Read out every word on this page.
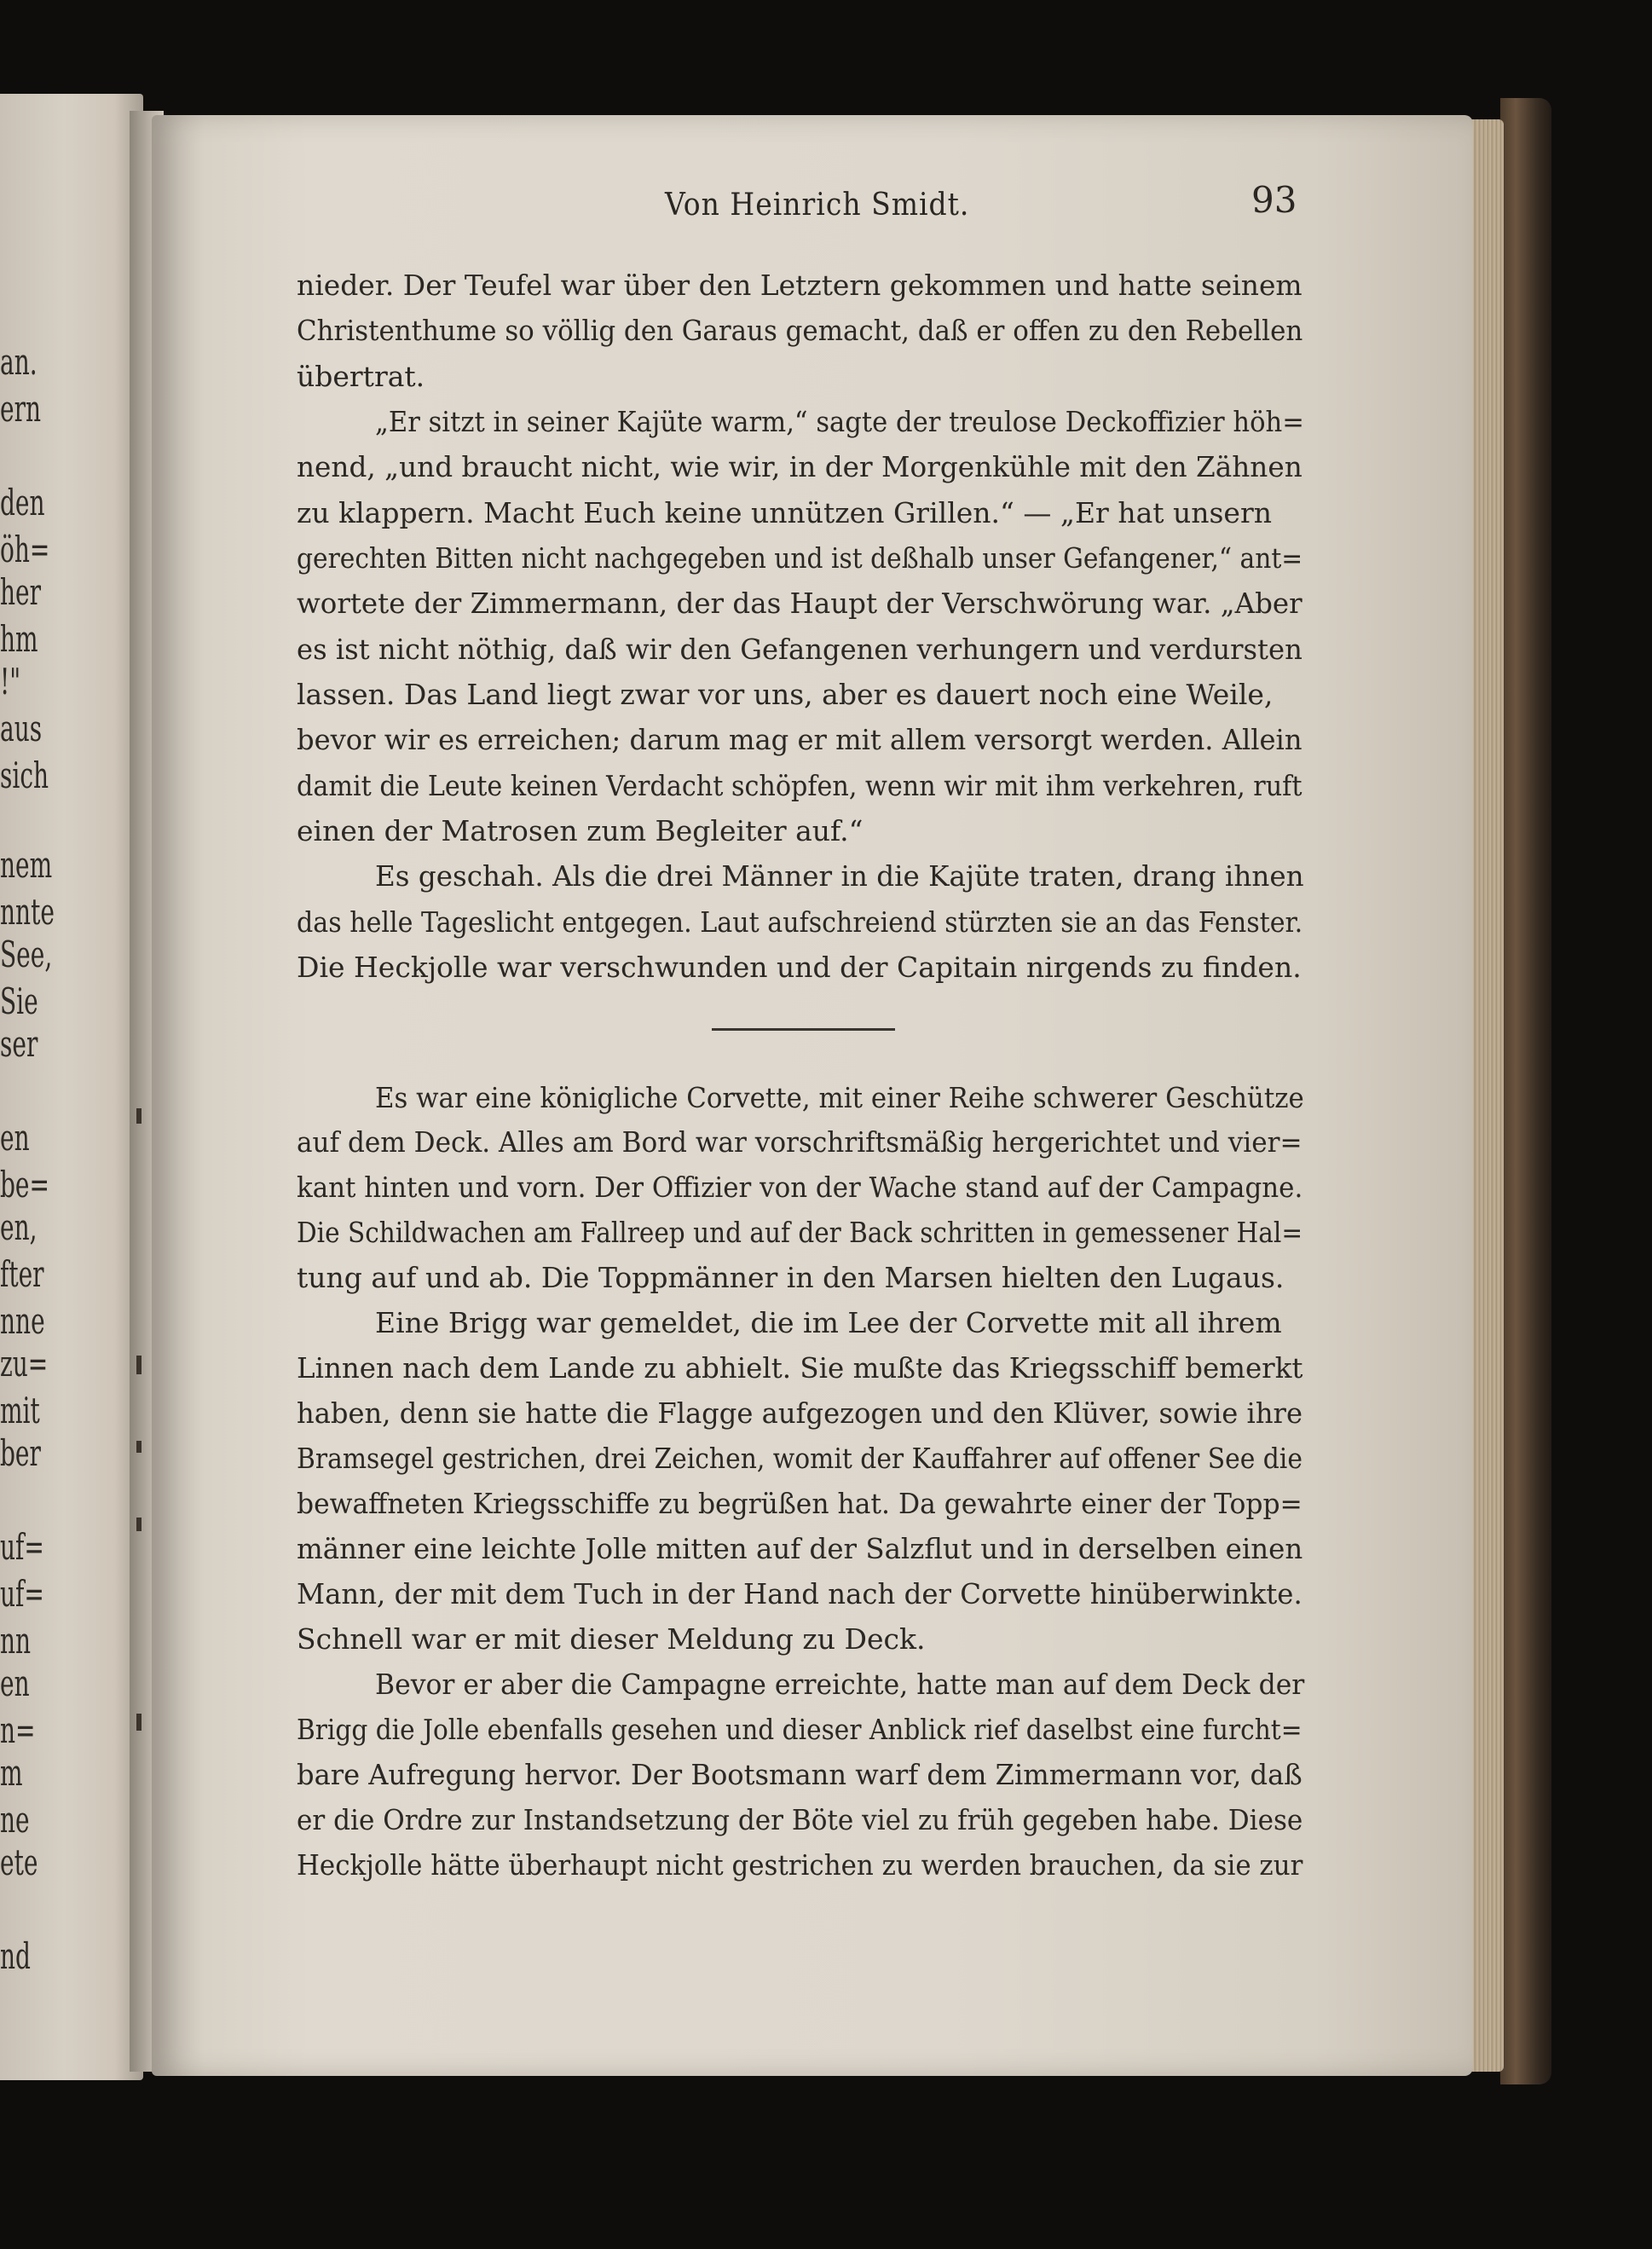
an.
ern
den
öh=
her
hm
!"
aus
sich
nem
nnte
See,
Sie
ser
en
be=
en,
fter
nne
zu=
mit
ber
uf=
uf=
nn
en
n=
m
ne
ete
nd
Von Heinrich Smidt.	93
nieder. Der Teufel war über den Letztern gekommen und hatte seinem
Christenthume so völlig den Garaus gemacht, daß er offen zu den Rebellen
übertrat.
„Er sitzt in seiner Kajüte warm,“ sagte der treulose Deckoffizier höh=
nend, „und braucht nicht, wie wir, in der Morgenkühle mit den Zähnen
zu klappern. Macht Euch keine unnützen Grillen.“ — „Er hat unsern
gerechten Bitten nicht nachgegeben und ist deßhalb unser Gefangener,“ ant=
wortete der Zimmermann, der das Haupt der Verschwörung war. „Aber
es ist nicht nöthig, daß wir den Gefangenen verhungern und verdursten
lassen. Das Land liegt zwar vor uns, aber es dauert noch eine Weile,
bevor wir es erreichen; darum mag er mit allem versorgt werden. Allein
damit die Leute keinen Verdacht schöpfen, wenn wir mit ihm verkehren, ruft
einen der Matrosen zum Begleiter auf.“
Es geschah. Als die drei Männer in die Kajüte traten, drang ihnen
das helle Tageslicht entgegen. Laut aufschreiend stürzten sie an das Fenster.
Die Heckjolle war verschwunden und der Capitain nirgends zu finden.
Es war eine königliche Corvette, mit einer Reihe schwerer Geschütze
auf dem Deck. Alles am Bord war vorschriftsmäßig hergerichtet und vier=
kant hinten und vorn. Der Offizier von der Wache stand auf der Campagne.
Die Schildwachen am Fallreep und auf der Back schritten in gemessener Hal=
tung auf und ab. Die Toppmänner in den Marsen hielten den Lugaus.
Eine Brigg war gemeldet, die im Lee der Corvette mit all ihrem
Linnen nach dem Lande zu abhielt. Sie mußte das Kriegsschiff bemerkt
haben, denn sie hatte die Flagge aufgezogen und den Klüver, sowie ihre
Bramsegel gestrichen, drei Zeichen, womit der Kauffahrer auf offener See die
bewaffneten Kriegsschiffe zu begrüßen hat. Da gewahrte einer der Topp=
männer eine leichte Jolle mitten auf der Salzflut und in derselben einen
Mann, der mit dem Tuch in der Hand nach der Corvette hinüberwinkte.
Schnell war er mit dieser Meldung zu Deck.
Bevor er aber die Campagne erreichte, hatte man auf dem Deck der
Brigg die Jolle ebenfalls gesehen und dieser Anblick rief daselbst eine furcht=
bare Aufregung hervor. Der Bootsmann warf dem Zimmermann vor, daß
er die Ordre zur Instandsetzung der Böte viel zu früh gegeben habe. Diese
Heckjolle hätte überhaupt nicht gestrichen zu werden brauchen, da sie zur
